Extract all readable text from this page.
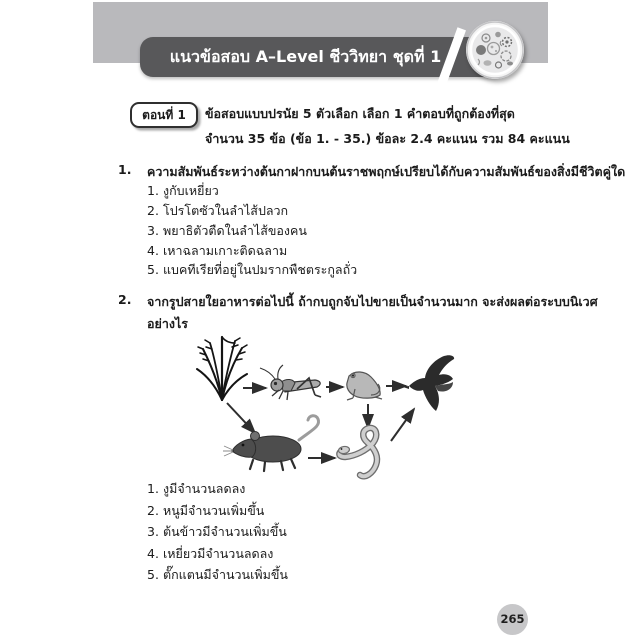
แนวข้อสอบ A–Level ชีววิทยา ชุดที่ 1
ตอนที่ 1	ข้อสอบแบบปรนัย 5 ตัวเลือก เลือก 1 คำตอบที่ถูกต้องที่สุด
จำนวน 35 ข้อ (ข้อ 1. - 35.) ข้อละ 2.4 คะแนน รวม 84 คะแนน
1. ความสัมพันธ์ระหว่างต้นกาฝากบนต้นราชพฤกษ์เปรียบได้กับความสัมพันธ์ของสิ่งมีชีวิตคู่ใด
1. งูกับเหยี่ยว
2. โปรโตซัวในลำไส้ปลวก
3. พยาธิตัวตืดในลำไส้ของคน
4. เหาฉลามเกาะติดฉลาม
5. แบคทีเรียที่อยู่ในปมรากพืชตระกูลถั่ว
2. จากรูปสายใยอาหารต่อไปนี้ ถ้ากบถูกจับไปขายเป็นจำนวนมาก จะส่งผลต่อระบบนิเวศ
อย่างไร
1. งูมีจำนวนลดลง
2. หนูมีจำนวนเพิ่มขึ้น
3. ต้นข้าวมีจำนวนเพิ่มขึ้น
4. เหยี่ยวมีจำนวนลดลง
5. ตั๊กแตนมีจำนวนเพิ่มขึ้น
265
